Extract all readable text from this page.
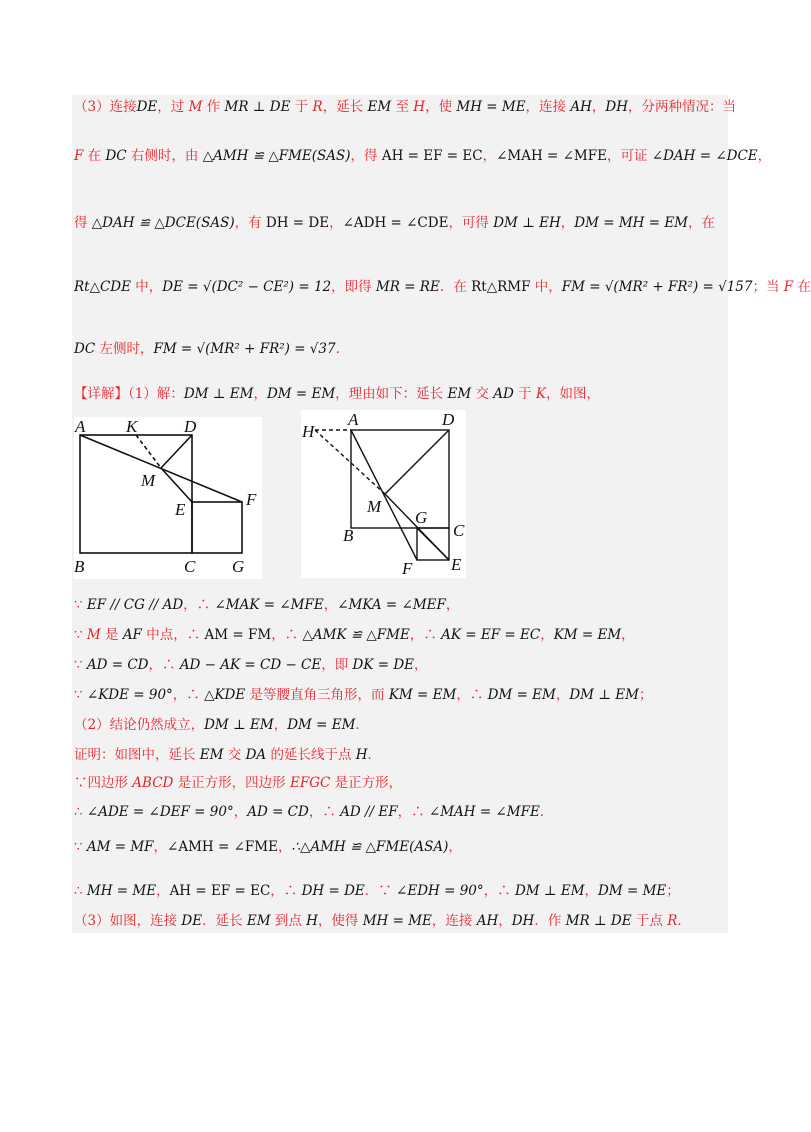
（3）连接DE，过 M 作 MR ⊥ DE 于 R，延长 EM 至 H，使 MH = ME，连接 AH，DH，分两种情况：当
F 在 DC 右侧时，由 △AMH ≌ △FME(SAS)，得 AH = EF = EC，∠MAH = ∠MFE，可证 ∠DAH = ∠DCE，
得 △DAH ≌ △DCE(SAS)，有 DH = DE，∠ADH = ∠CDE，可得 DM ⊥ EH，DM = MH = EM，在
Rt△CDE 中，DE = √(DC² − CE²) = 12，即得 MR = RE．在 Rt△RMF 中，FM = √(MR² + FR²) = √157；当 F 在
DC 左侧时，FM = √(MR² + FR²) = √37．
【详解】（1）解：DM ⊥ EM，DM = EM，理由如下：延长 EM 交 AD 于 K，如图，
A K	D
M
E
F
B	C G
H
A	D
M
G
C
B
F E
∵ EF // CG // AD，∴ ∠MAK = ∠MFE，∠MKA = ∠MEF，
∵ M 是 AF 中点，∴ AM = FM，∴ △AMK ≌ △FME，∴ AK = EF = EC，KM = EM，
∵ AD = CD，∴ AD − AK = CD − CE，即 DK = DE，
∵ ∠KDE = 90°，∴ △KDE 是等腰直角三角形，而 KM = EM，∴ DM = EM，DM ⊥ EM；
（2）结论仍然成立，DM ⊥ EM，DM = EM．
证明：如图中，延长 EM 交 DA 的延长线于点 H．
∵四边形 ABCD 是正方形，四边形 EFGC 是正方形，
∴ ∠ADE = ∠DEF = 90°，AD = CD，∴ AD // EF，∴ ∠MAH = ∠MFE．
∵ AM = MF，∠AMH = ∠FME，∴△AMH ≌ △FME(ASA)，
∴ MH = ME，AH = EF = EC，∴ DH = DE．∵ ∠EDH = 90°，∴ DM ⊥ EM，DM = ME；
（3）如图，连接 DE．延长 EM 到点 H，使得 MH = ME，连接 AH，DH．作 MR ⊥ DE 于点 R．
